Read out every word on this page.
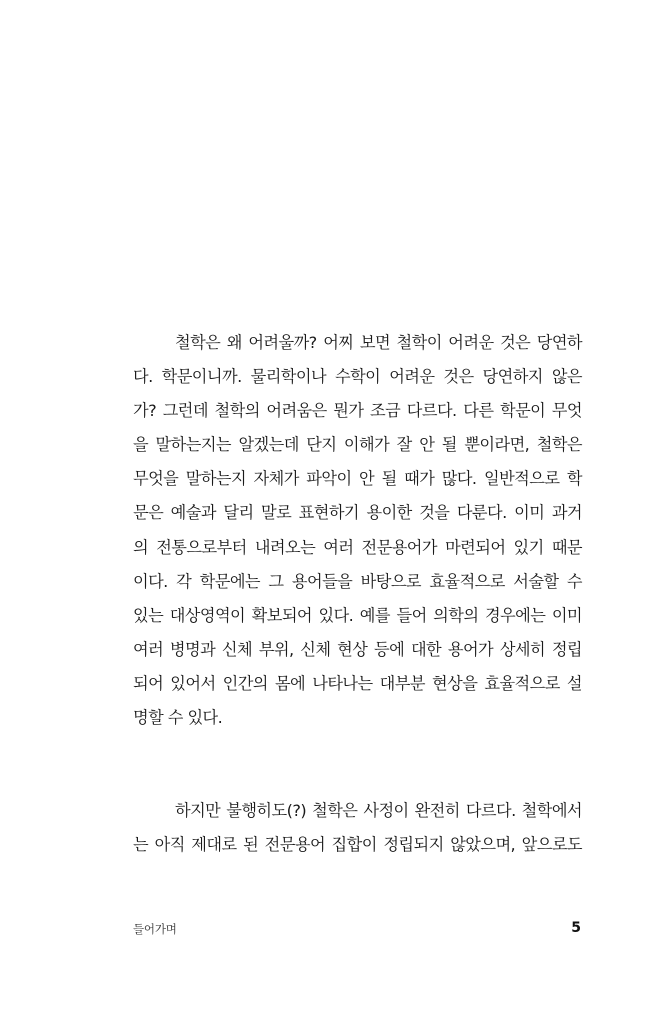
철학은 왜 어려울까? 어찌 보면 철학이 어려운 것은 당연하
다. 학문이니까. 물리학이나 수학이 어려운 것은 당연하지 않은
가? 그런데 철학의 어려움은 뭔가 조금 다르다. 다른 학문이 무엇
을 말하는지는 알겠는데 단지 이해가 잘 안 될 뿐이라면, 철학은
무엇을 말하는지 자체가 파악이 안 될 때가 많다. 일반적으로 학
문은 예술과 달리 말로 표현하기 용이한 것을 다룬다. 이미 과거
의 전통으로부터 내려오는 여러 전문용어가 마련되어 있기 때문
이다. 각 학문에는 그 용어들을 바탕으로 효율적으로 서술할 수
있는 대상영역이 확보되어 있다. 예를 들어 의학의 경우에는 이미
여러 병명과 신체 부위, 신체 현상 등에 대한 용어가 상세히 정립
되어 있어서 인간의 몸에 나타나는 대부분 현상을 효율적으로 설
명할 수 있다.
하지만 불행히도(?) 철학은 사정이 완전히 다르다. 철학에서
는 아직 제대로 된 전문용어 집합이 정립되지 않았으며, 앞으로도
들어가며	5
